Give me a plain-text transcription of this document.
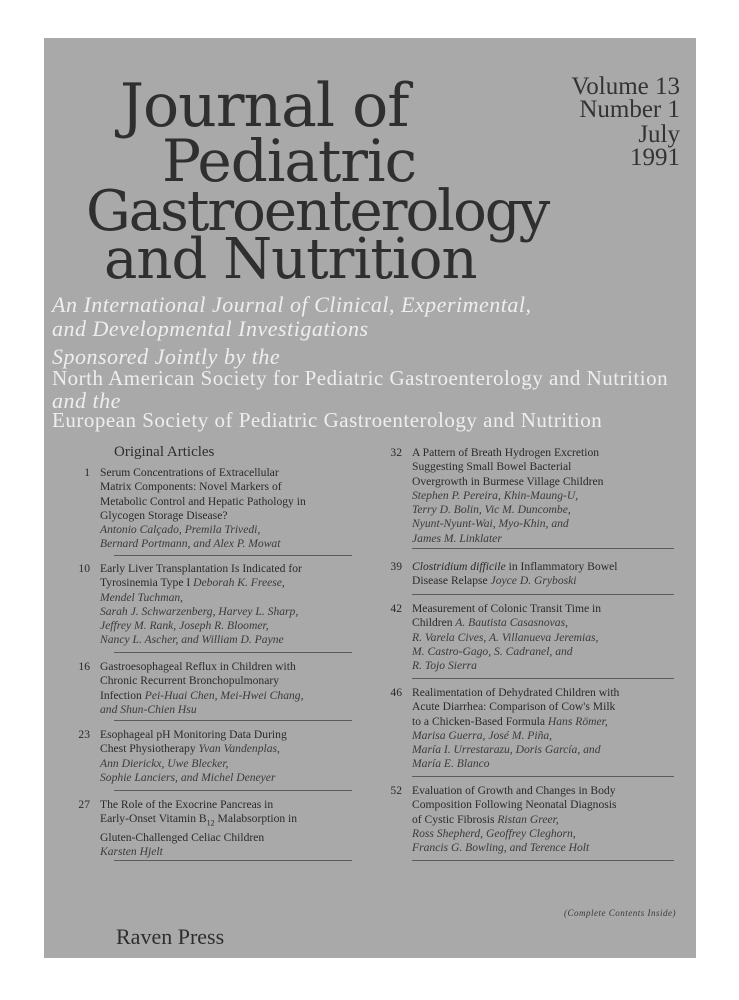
Journal of
Pediatric
Gastroenterology
and Nutrition
Volume 13
Number 1
July
1991
An International Journal of Clinical, Experimental,
and Developmental Investigations
Sponsored Jointly by the
North American Society for Pediatric Gastroenterology and Nutrition
and the
European Society of Pediatric Gastroenterology and Nutrition
Original Articles
1 Serum Concentrations of Extracellular
Matrix Components: Novel Markers of
Metabolic Control and Hepatic Pathology in
Glycogen Storage Disease?
Antonio Calçado, Premila Trivedi,
Bernard Portmann, and Alex P. Mowat
10 Early Liver Transplantation Is Indicated for
Tyrosinemia Type I Deborah K. Freese,
Mendel Tuchman,
Sarah J. Schwarzenberg, Harvey L. Sharp,
Jeffrey M. Rank, Joseph R. Bloomer,
Nancy L. Ascher, and William D. Payne
16 Gastroesophageal Reflux in Children with
Chronic Recurrent Bronchopulmonary
Infection Pei-Huai Chen, Mei-Hwei Chang,
and Shun-Chien Hsu
23 Esophageal pH Monitoring Data During
Chest Physiotherapy Yvan Vandenplas,
Ann Dierickx, Uwe Blecker,
Sophie Lanciers, and Michel Deneyer
27 The Role of the Exocrine Pancreas in
Early-Onset Vitamin $B_{12}$ Malabsorption in
Gluten-Challenged Celiac Children
Karsten Hjelt
32 A Pattern of Breath Hydrogen Excretion
Suggesting Small Bowel Bacterial
Overgrowth in Burmese Village Children
Stephen P. Pereira, Khin-Maung-U,
Terry D. Bolin, Vic M. Duncombe,
Nyunt-Nyunt-Wai, Myo-Khin, and
James M. Linklater
39 Clostridium difficile in Inflammatory Bowel
Disease Relapse Joyce D. Gryboski
42 Measurement of Colonic Transit Time in
Children A. Bautista Casasnovas,
R. Varela Cives, A. Villanueva Jeremias,
M. Castro-Gago, S. Cadranel, and
R. Tojo Sierra
46 Realimentation of Dehydrated Children with
Acute Diarrhea: Comparison of Cow's Milk
to a Chicken-Based Formula Hans Römer,
Marisa Guerra, José M. Piña,
María I. Urrestarazu, Doris García, and
María E. Blanco
52 Evaluation of Growth and Changes in Body
Composition Following Neonatal Diagnosis
of Cystic Fibrosis Ristan Greer,
Ross Shepherd, Geoffrey Cleghorn,
Francis G. Bowling, and Terence Holt
(Complete Contents Inside)
Raven Press
